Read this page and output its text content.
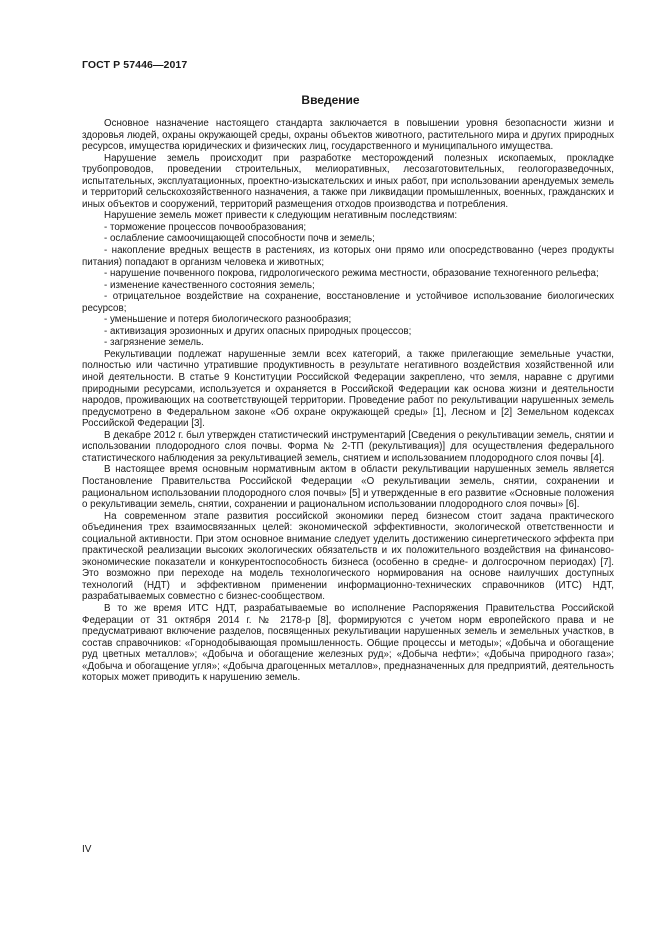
ГОСТ Р 57446—2017
Введение

Основное назначение настоящего стандарта заключается в повышении уровня безопасности жизни и здоровья людей, охраны окружающей среды, охраны объектов животного, растительного мира и других природных ресурсов, имущества юридических и физических лиц, государственного и муниципального имущества.

Нарушение земель происходит при разработке месторождений полезных ископаемых, прокладке трубопроводов, проведении строительных, мелиоративных, лесозаготовительных, геологоразведочных, испытательных, эксплуатационных, проектно-изыскательских и иных работ, при использовании арендуемых земель и территорий сельскохозяйственного назначения, а также при ликвидации промышленных, военных, гражданских и иных объектов и сооружений, территорий размещения отходов производства и потребления.

Нарушение земель может привести к следующим негативным последствиям:

- торможение процессов почвообразования;

- ослабление самоочищающей способности почв и земель;

- накопление вредных веществ в растениях, из которых они прямо или опосредствованно (через продукты питания) попадают в организм человека и животных;

- нарушение почвенного покрова, гидрологического режима местности, образование техногенного рельефа;

- изменение качественного состояния земель;

- отрицательное воздействие на сохранение, восстановление и устойчивое использование биологических ресурсов;

- уменьшение и потеря биологического разнообразия;

- активизация эрозионных и других опасных природных процессов;

- загрязнение земель.

Рекультивации подлежат нарушенные земли всех категорий, а также прилегающие земельные участки, полностью или частично утратившие продуктивность в результате негативного воздействия хозяйственной или иной деятельности. В статье 9 Конституции Российской Федерации закреплено, что земля, наравне с другими природными ресурсами, используется и охраняется в Российской Федерации как основа жизни и деятельности народов, проживающих на соответствующей территории. Проведение работ по рекультивации нарушенных земель предусмотрено в Федеральном законе «Об охране окружающей среды» [1], Лесном и [2] Земельном кодексах Российской Федерации [3].

В декабре 2012 г. был утвержден статистический инструментарий [Сведения о рекультивации земель, снятии и использовании плодородного слоя почвы. Форма № 2-ТП (рекультивация)] для осуществления федерального статистического наблюдения за рекультивацией земель, снятием и использованием плодородного слоя почвы [4].

В настоящее время основным нормативным актом в области рекультивации нарушенных земель является Постановление Правительства Российской Федерации «О рекультивации земель, снятии, сохранении и рациональном использовании плодородного слоя почвы» [5] и утвержденные в его развитие «Основные положения о рекультивации земель, снятии, сохранении и рациональном использовании плодородного слоя почвы» [6].

На современном этапе развития российской экономики перед бизнесом стоит задача практического объединения трех взаимосвязанных целей: экономической эффективности, экологической ответственности и социальной активности. При этом основное внимание следует уделить достижению синергетического эффекта при практической реализации высоких экологических обязательств и их положительного воздействия на финансово-экономические показатели и конкурентоспособность бизнеса (особенно в средне- и долгосрочном периодах) [7]. Это возможно при переходе на модель технологического нормирования на основе наилучших доступных технологий (НДТ) и эффективном применении информационно-технических справочников (ИТС) НДТ, разрабатываемых совместно с бизнес-сообществом.

В то же время ИТС НДТ, разрабатываемые во исполнение Распоряжения Правительства Российской Федерации от 31 октября 2014 г. № 2178-р [8], формируются с учетом норм европейского права и не предусматривают включение разделов, посвященных рекультивации нарушенных земель и земельных участков, в состав справочников: «Горнодобывающая промышленность. Общие процессы и методы»; «Добыча и обогащение руд цветных металлов»; «Добыча и обогащение железных руд»; «Добыча нефти»; «Добыча природного газа»; «Добыча и обогащение угля»; «Добыча драгоценных металлов», предназначенных для предприятий, деятельность которых может приводить к нарушению земель.

IV
